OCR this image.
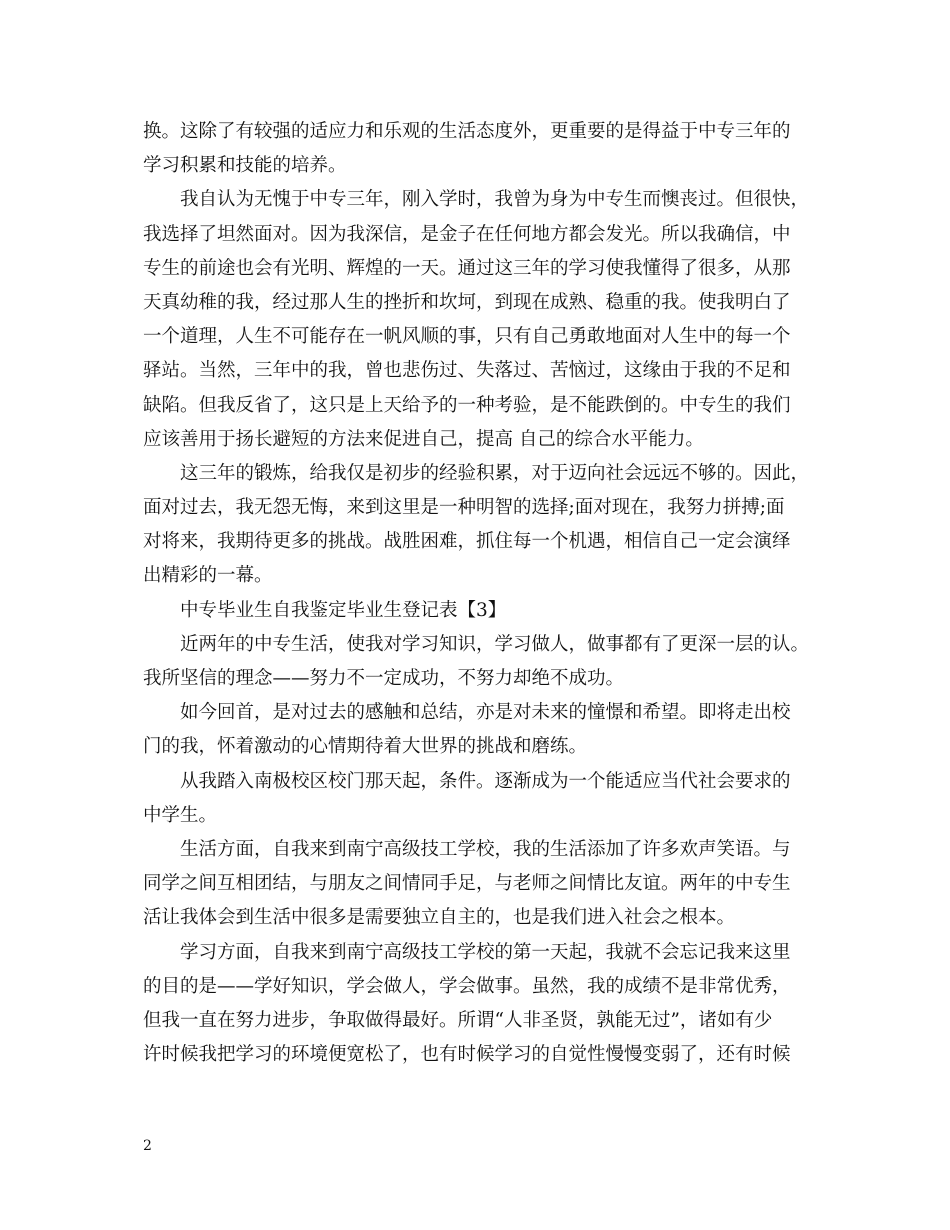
换。这除了有较强的适应力和乐观的生活态度外，更重要的是得益于中专三年的
学习积累和技能的培养。
我自认为无愧于中专三年，刚入学时，我曾为身为中专生而懊丧过。但很快，
我选择了坦然面对。因为我深信，是金子在任何地方都会发光。所以我确信，中
专生的前途也会有光明、辉煌的一天。通过这三年的学习使我懂得了很多，从那
天真幼稚的我，经过那人生的挫折和坎坷，到现在成熟、稳重的我。使我明白了
一个道理，人生不可能存在一帆风顺的事，只有自己勇敢地面对人生中的每一个
驿站。当然，三年中的我，曾也悲伤过、失落过、苦恼过，这缘由于我的不足和
缺陷。但我反省了，这只是上天给予的一种考验，是不能跌倒的。中专生的我们
应该善用于扬长避短的方法来促进自己，提高 自己的综合水平能力。
这三年的锻炼，给我仅是初步的经验积累，对于迈向社会远远不够的。因此，
面对过去，我无怨无悔，来到这里是一种明智的选择;面对现在，我努力拼搏;面
对将来，我期待更多的挑战。战胜困难，抓住每一个机遇，相信自己一定会演绎
出精彩的一幕。
中专毕业生自我鉴定毕业生登记表【3】
近两年的中专生活，使我对学习知识，学习做人，做事都有了更深一层的认。
我所坚信的理念——努力不一定成功，不努力却绝不成功。
如今回首，是对过去的感触和总结，亦是对未来的憧憬和希望。即将走出校
门的我，怀着激动的心情期待着大世界的挑战和磨练。
从我踏入南极校区校门那天起，条件。逐渐成为一个能适应当代社会要求的
中学生。
生活方面，自我来到南宁高级技工学校，我的生活添加了许多欢声笑语。与
同学之间互相团结，与朋友之间情同手足，与老师之间情比友谊。两年的中专生
活让我体会到生活中很多是需要独立自主的，也是我们进入社会之根本。
学习方面，自我来到南宁高级技工学校的第一天起，我就不会忘记我来这里
的目的是——学好知识，学会做人，学会做事。虽然，我的成绩不是非常优秀，
但我一直在努力进步，争取做得最好。所谓“人非圣贤，孰能无过”，诸如有少
许时候我把学习的环境便宽松了，也有时候学习的自觉性慢慢变弱了，还有时候
2
